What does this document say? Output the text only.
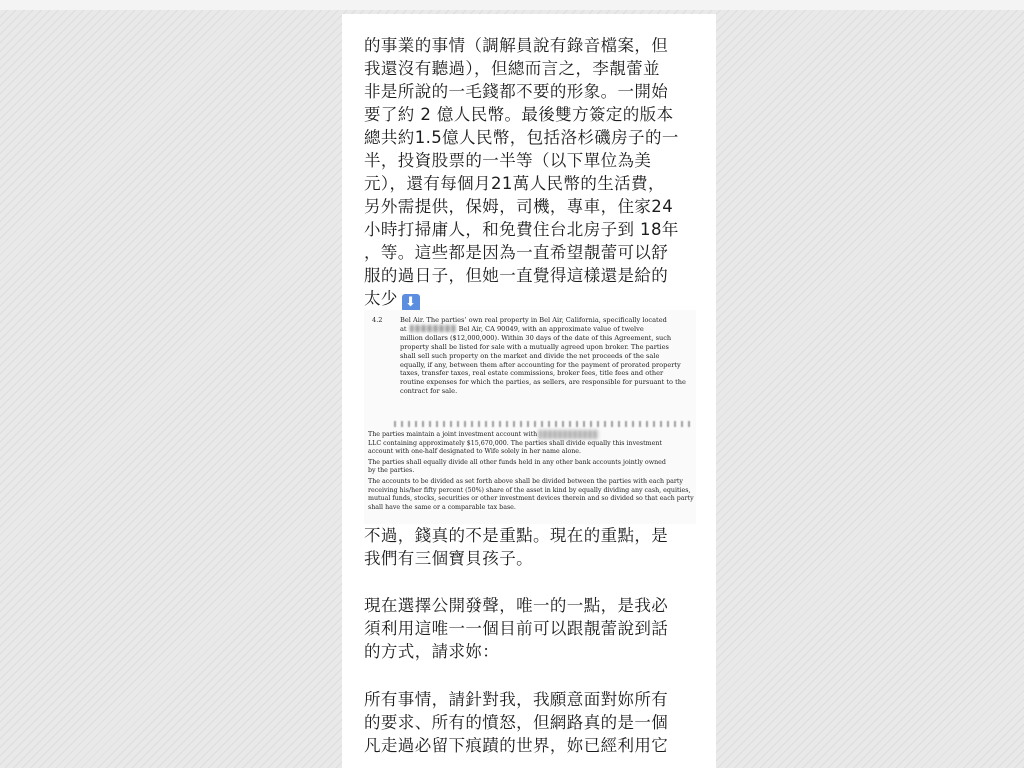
的事業的事情（調解員說有錄音檔案，但
我還沒有聽過），但總而言之，李靚蕾並
非是所說的一毛錢都不要的形象。一開始
要了約 2 億人民幣。最後雙方簽定的版本
總共約1.5億人民幣，包括洛杉磯房子的一
半，投資股票的一半等（以下單位為美
元），還有每個月21萬人民幣的生活費，
另外需提供，保姆，司機，專車，住家24
小時打掃庸人，和免費住台北房子到 18年
，等。這些都是因為一直希望靚蕾可以舒
服的過日子，但她一直覺得這樣還是給的
太少 ⬇
4.2	Bel Air. The parties’ own real property in Bel Air, California, specifically located
at	Bel Air, CA 90049, with an approximate value of twelve
million dollars ($12,000,000). Within 30 days of the date of this Agreement, such
property shall be listed for sale with a mutually agreed upon broker. The parties
shall sell such property on the market and divide the net proceeds of the sale
equally, if any, between them after accounting for the payment of prorated property
taxes, transfer taxes, real estate commissions, broker fees, title fees and other
routine expenses for which the parties, as sellers, are responsible for pursuant to the
contract for sale.
The parties maintain a joint investment account with
LLC containing approximately $15,670,000. The parties shall divide equally this investment
account with one-half designated to Wife solely in her name alone.
The parties shall equally divide all other funds held in any other bank accounts jointly owned
by the parties.
The accounts to be divided as set forth above shall be divided between the parties with each party
receiving his/her fifty percent (50%) share of the asset in kind by equally dividing any cash, equities,
mutual funds, stocks, securities or other investment devices therein and so divided so that each party
shall have the same or a comparable tax base.
不過，錢真的不是重點。現在的重點，是
我們有三個寶貝孩子。
現在選擇公開發聲，唯一的一點，是我必
須利用這唯一一個目前可以跟靚蕾說到話
的方式，請求妳：
所有事情，請針對我，我願意面對妳所有
的要求、所有的憤怒，但網路真的是一個
凡走過必留下痕蹟的世界，妳已經利用它
